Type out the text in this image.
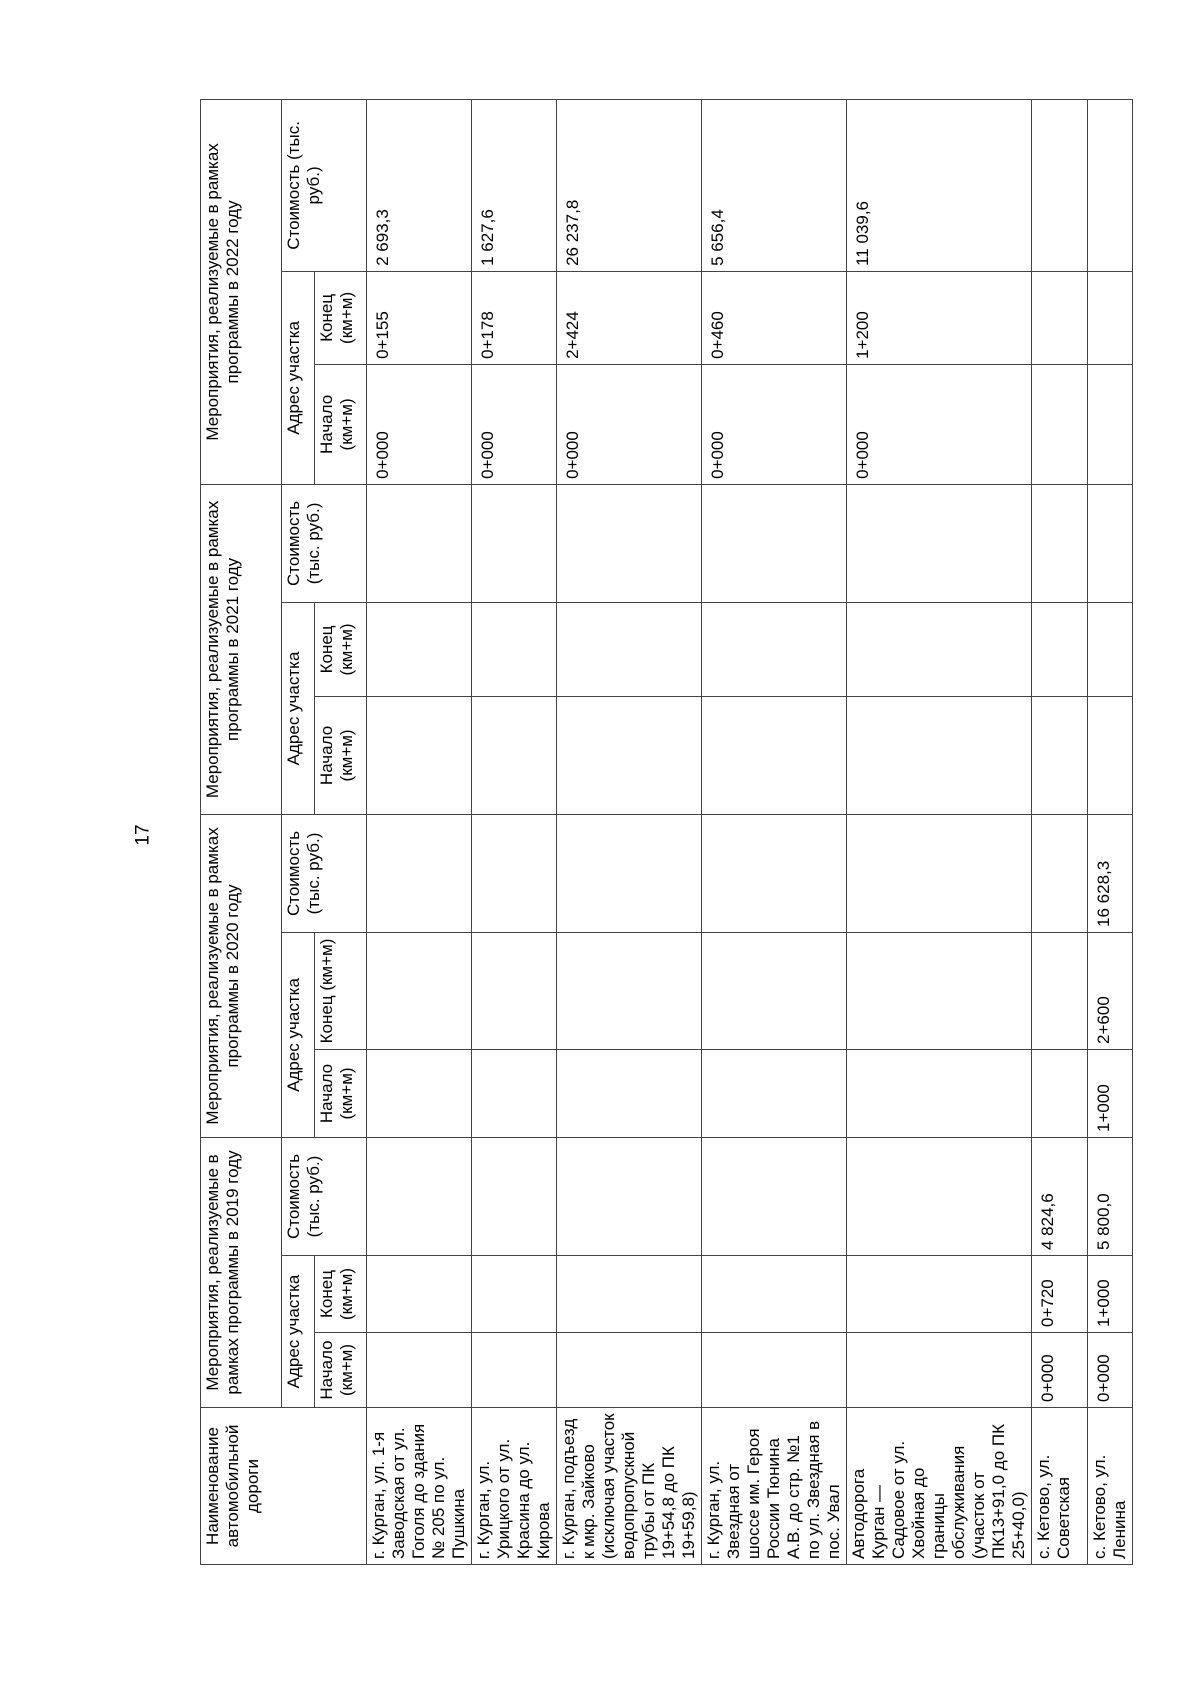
17
Наименование автомобильной дороги	Мероприятия, реализуемые в рамках программы в 2019 году			Мероприятия, реализуемые в рамках программы в 2020 году			Мероприятия, реализуемые в рамках программы в 2021 году			Мероприятия, реализуемые в рамках программы в 2022 году		
	Адрес участка		Стоимость (тыс. руб.)	Адрес участка		Стоимость (тыс. руб.)	Адрес участка		Стоимость (тыс. руб.)	Адрес участка		Стоимость (тыс. руб.)
	Начало (км+м)	Конец (км+м)		Начало (км+м)	Конец (км+м)		Начало (км+м)	Конец (км+м)		Начало (км+м)	Конец (км+м)	
г. Курган, ул. 1-я Заводская от ул. Гоголя до здания № 205 по ул. Пушкина										0+000	0+155	2 693,3
г. Курган, ул. Урицкого от ул. Красина до ул. Кирова										0+000	0+178	1 627,6
г. Курган, подъезд к мкр. Зайково (исключая участок водопропускной трубы от ПК 19+54,8 до ПК 19+59,8)										0+000	2+424	26 237,8
г. Курган, ул. Звездная от шоссе им. Героя России Тюнина А.В. до стр. №1 по ул. Звездная в пос. Увал										0+000	0+460	5 656,4
Автодорога Курган — Садовое от ул. Хвойная до границы обслуживания (участок от ПК13+91,0 до ПК 25+40,0)										0+000	1+200	11 039,6
с. Кетово, ул. Советская	0+000	0+720	4 824,6									
с. Кетово, ул. Ленина	0+000	1+000	5 800,0	1+000	2+600	16 628,3						
